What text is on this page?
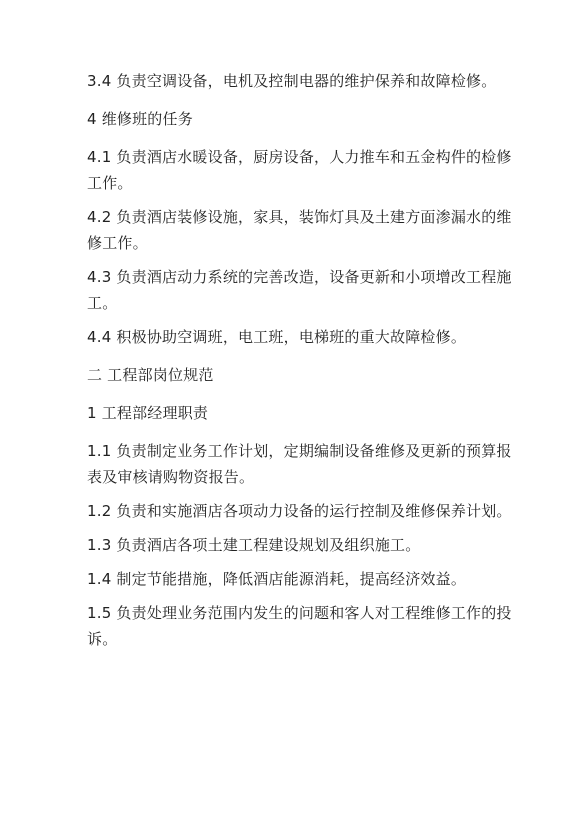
3.4 负责空调设备，电机及控制电器的维护保养和故障检修。

4 维修班的任务

4.1 负责酒店水暖设备，厨房设备，人力推车和五金构件的检修工作。

4.2 负责酒店装修设施，家具，装饰灯具及土建方面渗漏水的维修工作。

4.3 负责酒店动力系统的完善改造，设备更新和小项增改工程施工。

4.4 积极协助空调班，电工班，电梯班的重大故障检修。

二 工程部岗位规范

1 工程部经理职责

1.1 负责制定业务工作计划，定期编制设备维修及更新的预算报表及审核请购物资报告。

1.2 负责和实施酒店各项动力设备的运行控制及维修保养计划。

1.3 负责酒店各项土建工程建设规划及组织施工。

1.4 制定节能措施，降低酒店能源消耗，提高经济效益。

1.5 负责处理业务范围内发生的问题和客人对工程维修工作的投诉。
